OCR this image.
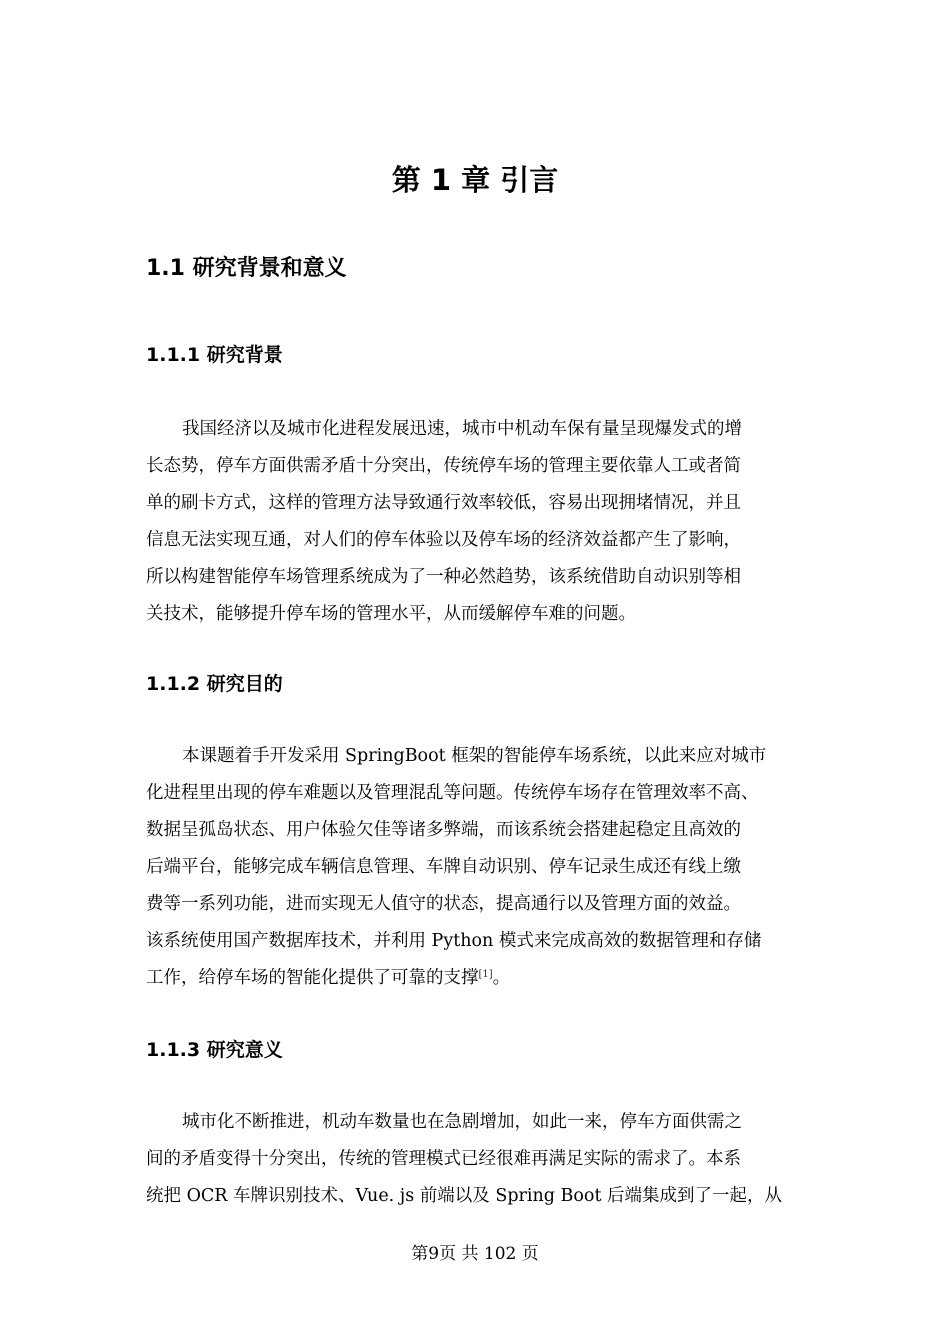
第 1 章 引言
1.1 研究背景和意义
1.1.1 研究背景

我国经济以及城市化进程发展迅速，城市中机动车保有量呈现爆发式的增
长态势，停车方面供需矛盾十分突出，传统停车场的管理主要依靠人工或者简
单的刷卡方式，这样的管理方法导致通行效率较低，容易出现拥堵情况，并且
信息无法实现互通，对人们的停车体验以及停车场的经济效益都产生了影响，
所以构建智能停车场管理系统成为了一种必然趋势，该系统借助自动识别等相
关技术，能够提升停车场的管理水平，从而缓解停车难的问题。

1.1.2 研究目的

本课题着手开发采用 SpringBoot 框架的智能停车场系统，以此来应对城市
化进程里出现的停车难题以及管理混乱等问题。传统停车场存在管理效率不高、
数据呈孤岛状态、用户体验欠佳等诸多弊端，而该系统会搭建起稳定且高效的
后端平台，能够完成车辆信息管理、车牌自动识别、停车记录生成还有线上缴
费等一系列功能，进而实现无人值守的状态，提高通行以及管理方面的效益。
该系统使用国产数据库技术，并利用 Python 模式来完成高效的数据管理和存储
工作，给停车场的智能化提供了可靠的支撑[1]。

1.1.3 研究意义

城市化不断推进，机动车数量也在急剧增加，如此一来，停车方面供需之
间的矛盾变得十分突出，传统的管理模式已经很难再满足实际的需求了。本系
统把 OCR 车牌识别技术、Vue. js 前端以及 Spring Boot 后端集成到了一起，从

第9页 共 102 页
